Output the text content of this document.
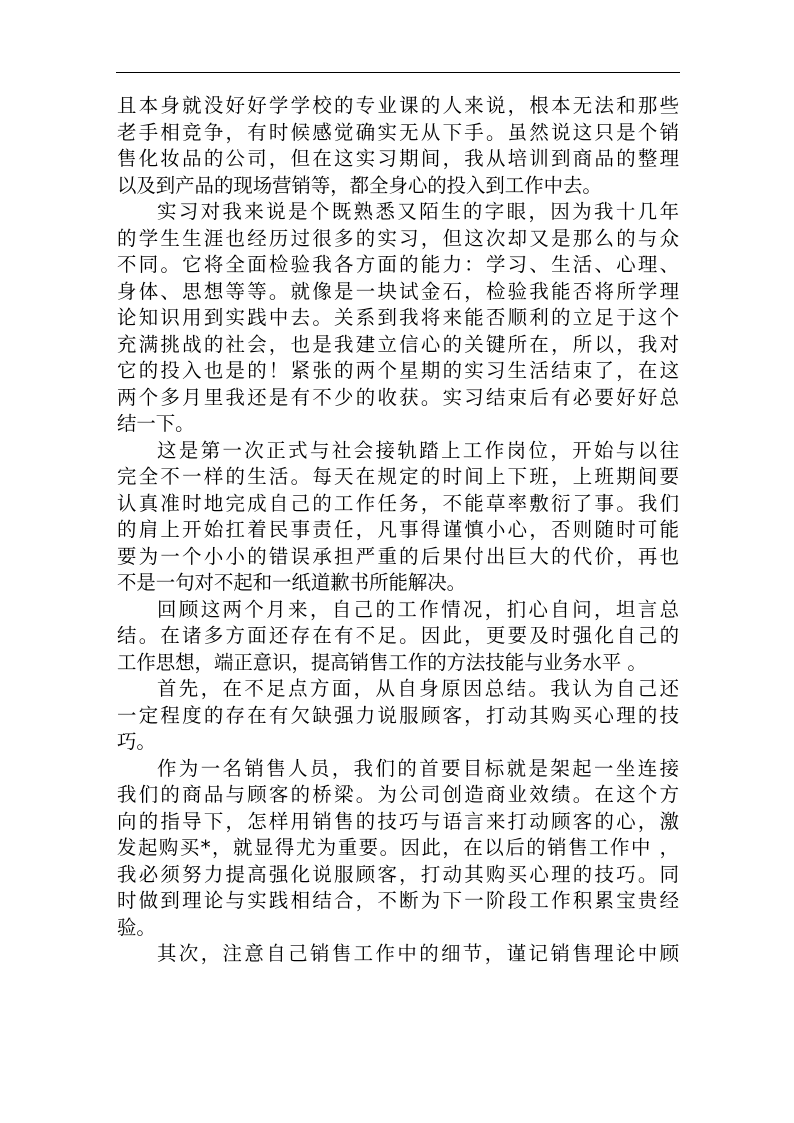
且本身就没好好学学校的专业课的人来说，根本无法和那些
老手相竞争，有时候感觉确实无从下手。虽然说这只是个销
售化妆品的公司，但在这实习期间，我从培训到商品的整理
以及到产品的现场营销等，都全身心的投入到工作中去。
实习对我来说是个既熟悉又陌生的字眼，因为我十几年
的学生生涯也经历过很多的实习，但这次却又是那么的与众
不同。它将全面检验我各方面的能力：学习、生活、心理、
身体、思想等等。就像是一块试金石，检验我能否将所学理
论知识用到实践中去。关系到我将来能否顺利的立足于这个
充满挑战的社会，也是我建立信心的关键所在，所以，我对
它的投入也是的！紧张的两个星期的实习生活结束了，在这
两个多月里我还是有不少的收获。实习结束后有必要好好总
结一下。
这是第一次正式与社会接轨踏上工作岗位，开始与以往
完全不一样的生活。每天在规定的时间上下班，上班期间要
认真准时地完成自己的工作任务，不能草率敷衍了事。我们
的肩上开始扛着民事责任，凡事得谨慎小心，否则随时可能
要为一个小小的错误承担严重的后果付出巨大的代价，再也
不是一句对不起和一纸道歉书所能解决。
回顾这两个月来，自己的工作情况，扪心自问，坦言总
结。在诸多方面还存在有不足。因此，更要及时强化自己的
工作思想，端正意识，提高销售工作的方法技能与业务水平 。
首先，在不足点方面，从自身原因总结。我认为自己还
一定程度的存在有欠缺强力说服顾客，打动其购买心理的技
巧。
作为一名销售人员，我们的首要目标就是架起一坐连接
我们的商品与顾客的桥梁。为公司创造商业效绩。在这个方
向的指导下，怎样用销售的技巧与语言来打动顾客的心，激
发起购买*，就显得尤为重要。因此，在以后的销售工作中 ，
我必须努力提高强化说服顾客，打动其购买心理的技巧。同
时做到理论与实践相结合，不断为下一阶段工作积累宝贵经
验。
其次，注意自己销售工作中的细节，谨记销售理论中顾
